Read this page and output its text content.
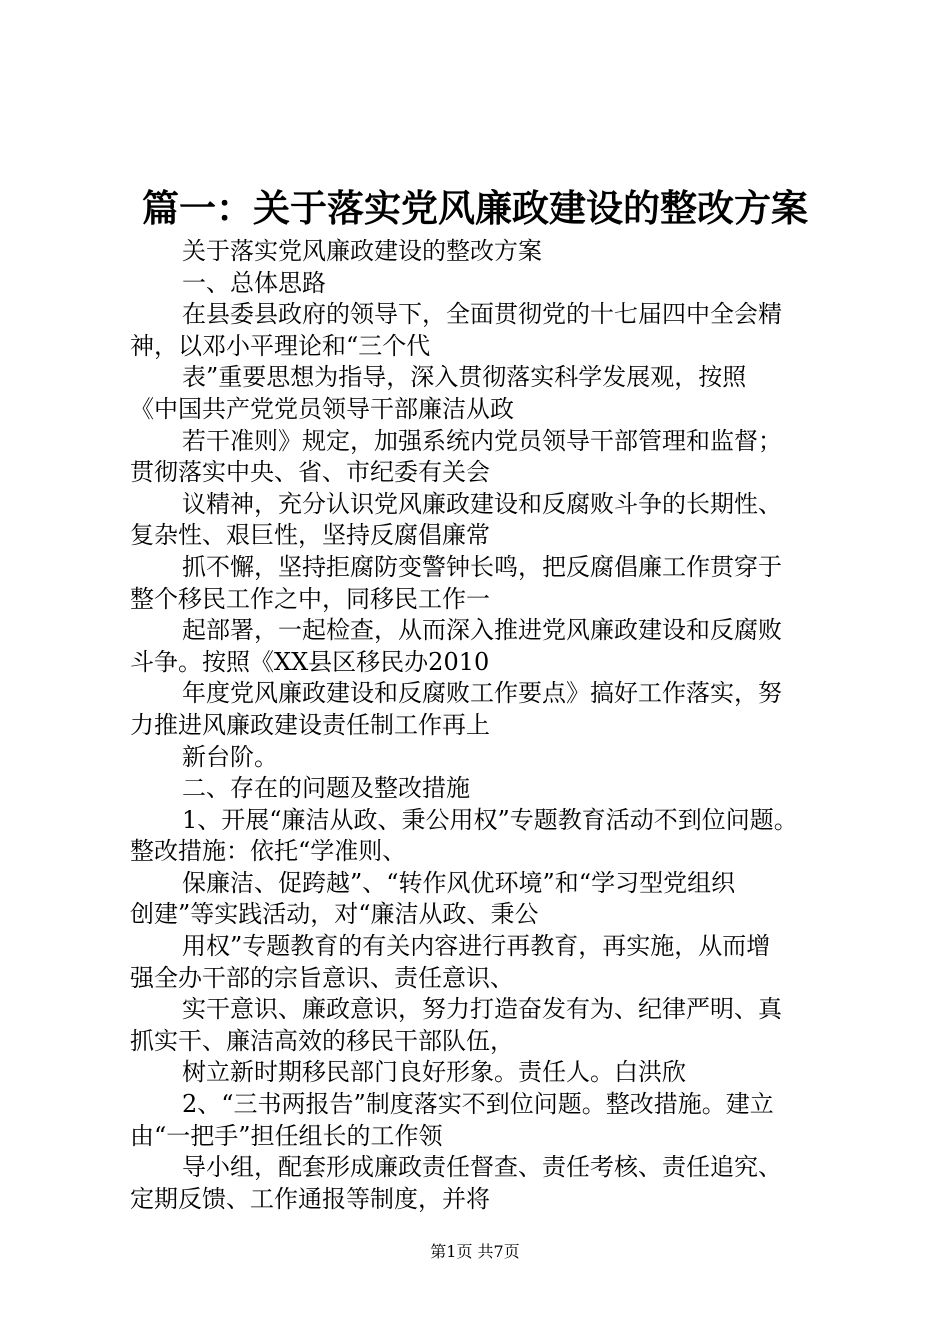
篇一：关于落实党风廉政建设的整改方案
关于落实党风廉政建设的整改方案
一、总体思路
在县委县政府的领导下，全面贯彻党的十七届四中全会精
神，以邓小平理论和“三个代
表”重要思想为指导，深入贯彻落实科学发展观，按照
《中国共产党党员领导干部廉洁从政
若干准则》规定，加强系统内党员领导干部管理和监督；
贯彻落实中央、省、市纪委有关会
议精神，充分认识党风廉政建设和反腐败斗争的长期性、
复杂性、艰巨性，坚持反腐倡廉常
抓不懈，坚持拒腐防变警钟长鸣，把反腐倡廉工作贯穿于
整个移民工作之中，同移民工作一
起部署，一起检查，从而深入推进党风廉政建设和反腐败
斗争。按照《XX县区移民办2010
年度党风廉政建设和反腐败工作要点》搞好工作落实，努
力推进风廉政建设责任制工作再上
新台阶。
二、存在的问题及整改措施
1、开展“廉洁从政、秉公用权”专题教育活动不到位问题。
整改措施：依托“学准则、
保廉洁、促跨越”、“转作风优环境”和“学习型党组织
创建”等实践活动，对“廉洁从政、秉公
用权”专题教育的有关内容进行再教育，再实施，从而增
强全办干部的宗旨意识、责任意识、
实干意识、廉政意识，努力打造奋发有为、纪律严明、真
抓实干、廉洁高效的移民干部队伍，
树立新时期移民部门良好形象。责任人。白洪欣
2、“三书两报告”制度落实不到位问题。整改措施。建立
由“一把手”担任组长的工作领
导小组，配套形成廉政责任督查、责任考核、责任追究、
定期反馈、工作通报等制度，并将
第1页 共7页
